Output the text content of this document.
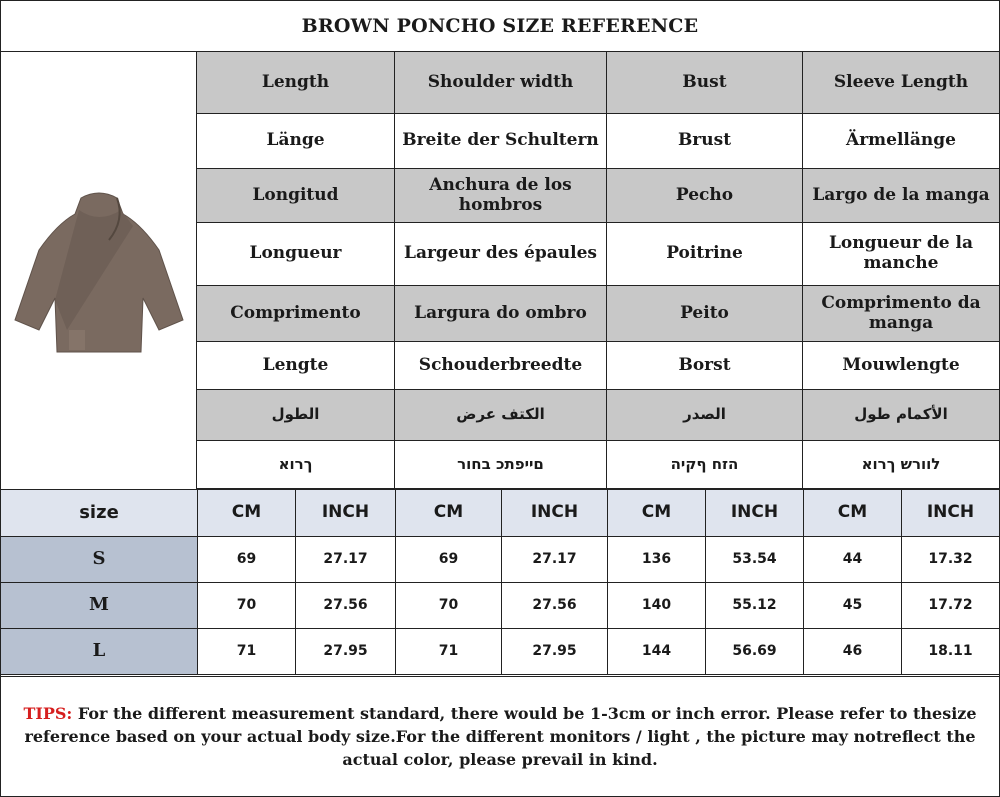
BROWN PONCHO SIZE REFERENCE
Length	Shoulder width	Bust	Sleeve Length
Länge	Breite der Schultern	Brust	Ärmellänge
Longitud	Anchura de los hombros	Pecho	Largo de la manga
Longueur	Largeur des épaules	Poitrine	Longueur de la manche
Comprimento	Largura do ombro	Peito	Comprimento da manga
Lengte	Schouderbreedte	Borst	Mouwlengte
الطول	الكتف عرض	الصدر	الأكمام طول
ךרוא	םייפתכ בחור	הזח ףקיה	לוורש ךרוא
size	CM	INCH	CM	INCH	CM	INCH	CM	INCH
S	69	27.17	69	27.17	136	53.54	44	17.32
M	70	27.56	70	27.56	140	55.12	45	17.72
L	71	27.95	71	27.95	144	56.69	46	18.11
TIPS: For the different measurement standard, there would be 1-3cm or inch error. Please refer to thesize reference based on your actual body size.For the different monitors / light , the picture may notreflect the actual color, please prevail in kind.
